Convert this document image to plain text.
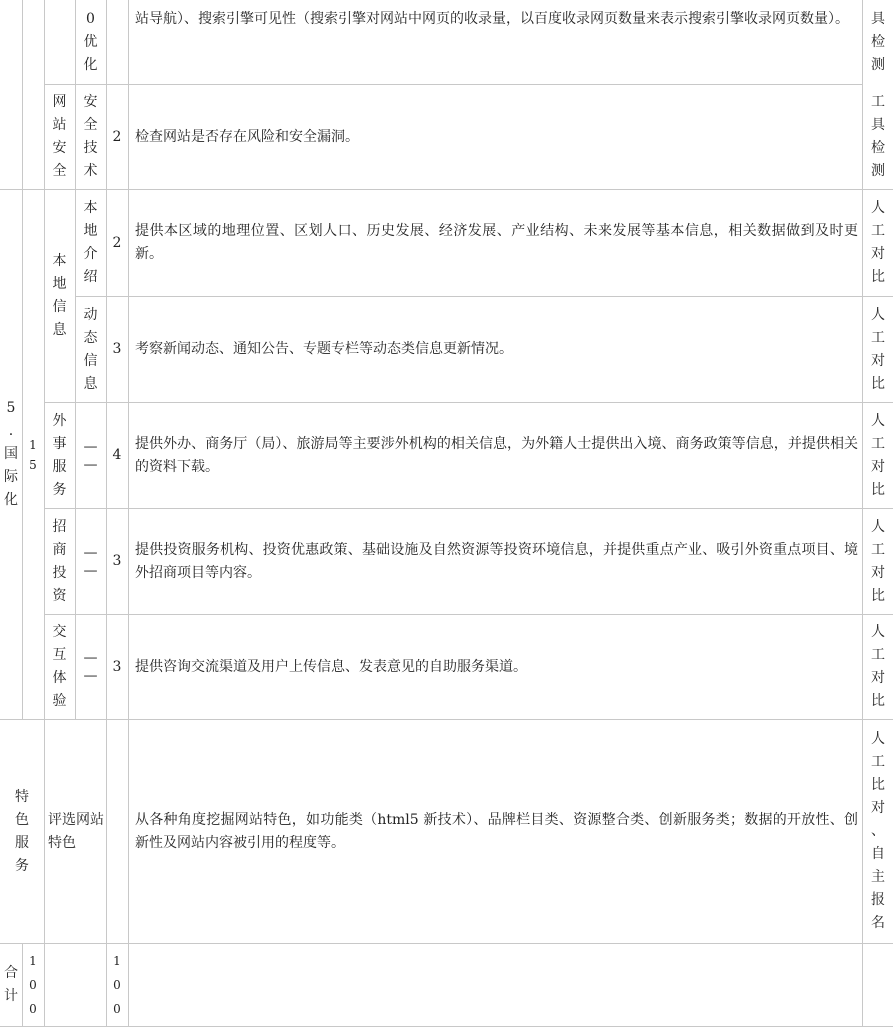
0
优
化
站导航）、搜索引擎可见性（搜索引擎对网站中网页的收录量，以百度收录网页数量来表示搜索引擎收录网页数量）。	具
检
测
网
站
安
全
安
全
技
术
2 检查网站是否存在风险和安全漏洞。
工
具
检
测
5
.
国
际
化
1
5
本
地
信
息
本
地
介
绍
2
提供本区域的地理位置、区划人口、历史发展、经济发展、产业结构、未来发展等基本信息，相关数据做到及时更新。
人
工
对
比
动
态
信
息
3 考察新闻动态、通知公告、专题专栏等动态类信息更新情况。
人
工
对
比
外
事
服
务
—
—
4
提供外办、商务厅（局）、旅游局等主要涉外机构的相关信息，为外籍人士提供出入境、商务政策等信息，并提供相关的资料下载。
人
工
对
比
招
商
投
资
—
—
3
提供投资服务机构、投资优惠政策、基础设施及自然资源等投资环境信息，并提供重点产业、吸引外资重点项目、境外招商项目等内容。
人
工
对
比
交
互
体
验
—
—
3 提供咨询交流渠道及用户上传信息、发表意见的自助服务渠道。
人
工
对
比
特
色
服
务
评选网站特色
从各种角度挖掘网站特色，如功能类（html5 新技术）、品牌栏目类、资源整合类、创新服务类；数据的开放性、创新性及网站内容被引用的程度等。
人
工
比
对
、
自
主
报
名
合
计
1
0
0
1
0
0
